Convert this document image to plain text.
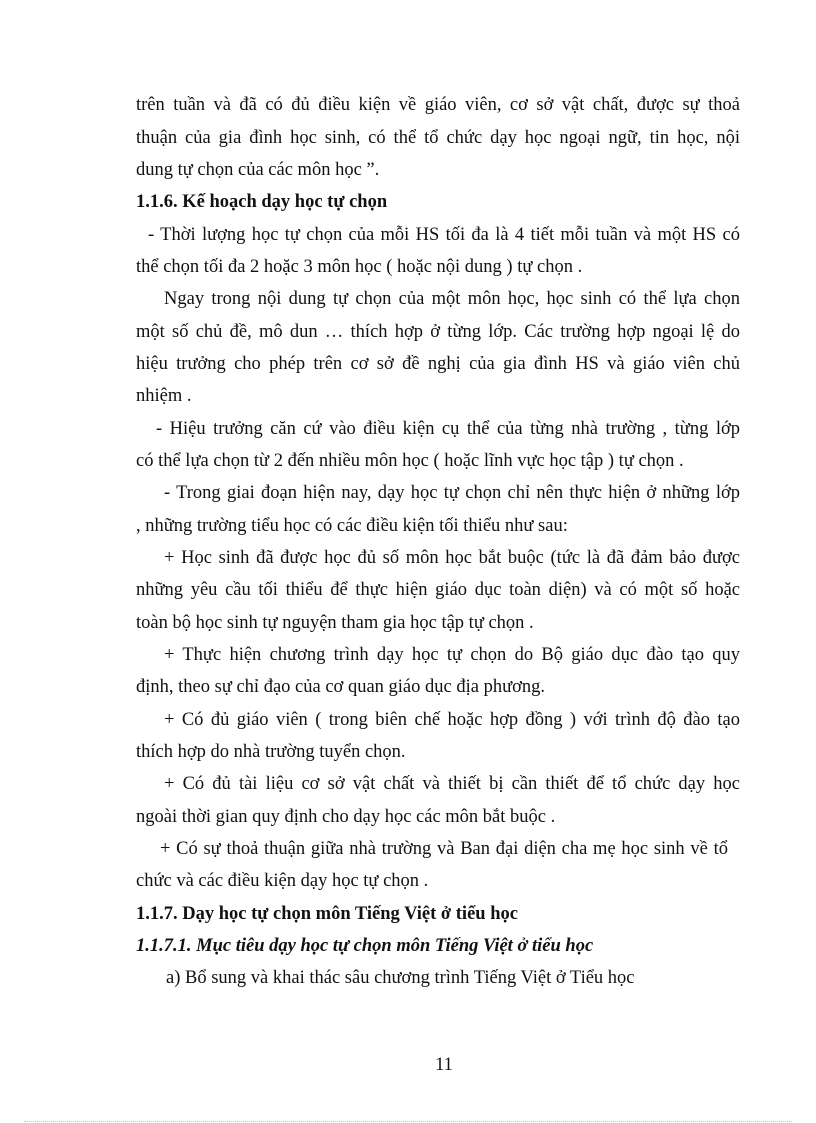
trên tuần và đã có đủ điều kiện về giáo viên, cơ sở vật chất, được sự thoả
thuận của gia đình học sinh, có thể tổ chức dạy học ngoại ngữ, tin học, nội
dung tự chọn của các môn học ”.
1.1.6. Kế hoạch dạy học tự chọn
- Thời lượng học tự chọn của mỗi HS tối đa là 4 tiết mỗi tuần và một HS có
thể chọn tối đa 2 hoặc 3 môn học ( hoặc nội dung ) tự chọn .
Ngay trong nội dung tự chọn của một môn học, học sinh có thể lựa chọn
một số chủ đề, mô dun … thích hợp ở từng lớp. Các trường hợp ngoại lệ do
hiệu trưởng cho phép trên cơ sở đề nghị của gia đình HS và giáo viên chủ
nhiệm .
- Hiệu trưởng căn cứ vào điều kiện cụ thể của từng nhà trường , từng lớp
có thể lựa chọn từ 2 đến nhiều môn học ( hoặc lĩnh vực học tập ) tự chọn .
- Trong giai đoạn hiện nay, dạy học tự chọn chỉ nên thực hiện ở những lớp
, những trường tiểu học có các điều kiện tối thiểu như sau:
+ Học sinh đã được học đủ số môn học bắt buộc (tức là đã đảm bảo được
những yêu cầu tối thiểu để thực hiện giáo dục toàn diện) và có một số hoặc
toàn bộ học sinh tự nguyện tham gia học tập tự chọn .
+ Thực hiện chương trình dạy học tự chọn do Bộ giáo dục đào tạo quy
định, theo sự chỉ đạo của cơ quan giáo dục địa phương.
+ Có đủ giáo viên ( trong biên chế hoặc hợp đồng ) với trình độ đào tạo
thích hợp do nhà trường tuyển chọn.
+ Có đủ tài liệu cơ sở vật chất và thiết bị cần thiết để tổ chức dạy học
ngoài thời gian quy định cho dạy học các môn bắt buộc .
+ Có sự thoả thuận giữa nhà trường và Ban đại diện cha mẹ học sinh về tổ
chức và các điều kiện dạy học tự chọn .
1.1.7. Dạy học tự chọn môn Tiếng Việt ở tiểu học
1.1.7.1. Mục tiêu dạy học tự chọn môn Tiếng Việt ở tiểu học
a) Bổ sung và khai thác sâu chương trình Tiếng Việt ở Tiểu học
11
